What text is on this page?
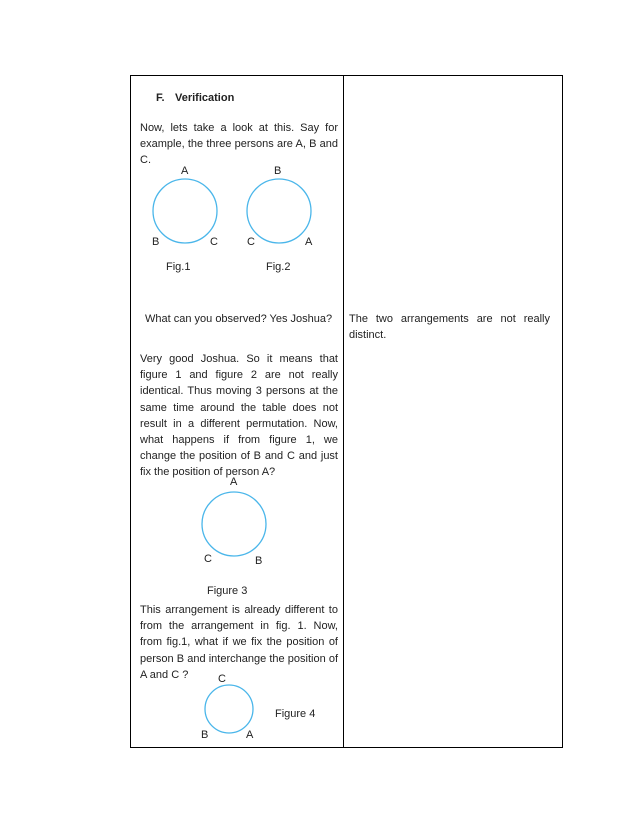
F. Verification
Now, lets take a look at this. Say for example, the three persons are A, B and C.
A
B	C
Fig.1
B
C	A
Fig.2
What can you observed? Yes Joshua? The two arrangements are not really distinct.
Very good Joshua. So it means that figure 1 and figure 2 are not really identical. Thus moving 3 persons at the same time around the table does not result in a different permutation. Now, what happens if from figure 1, we change the position of B and C and just fix the position of person A?
A
C	B
Figure 3
This arrangement is already different to from the arrangement in fig. 1. Now, from fig.1, what if we fix the position of person B and interchange the position of A and C ?	C
B	A
Figure 4
